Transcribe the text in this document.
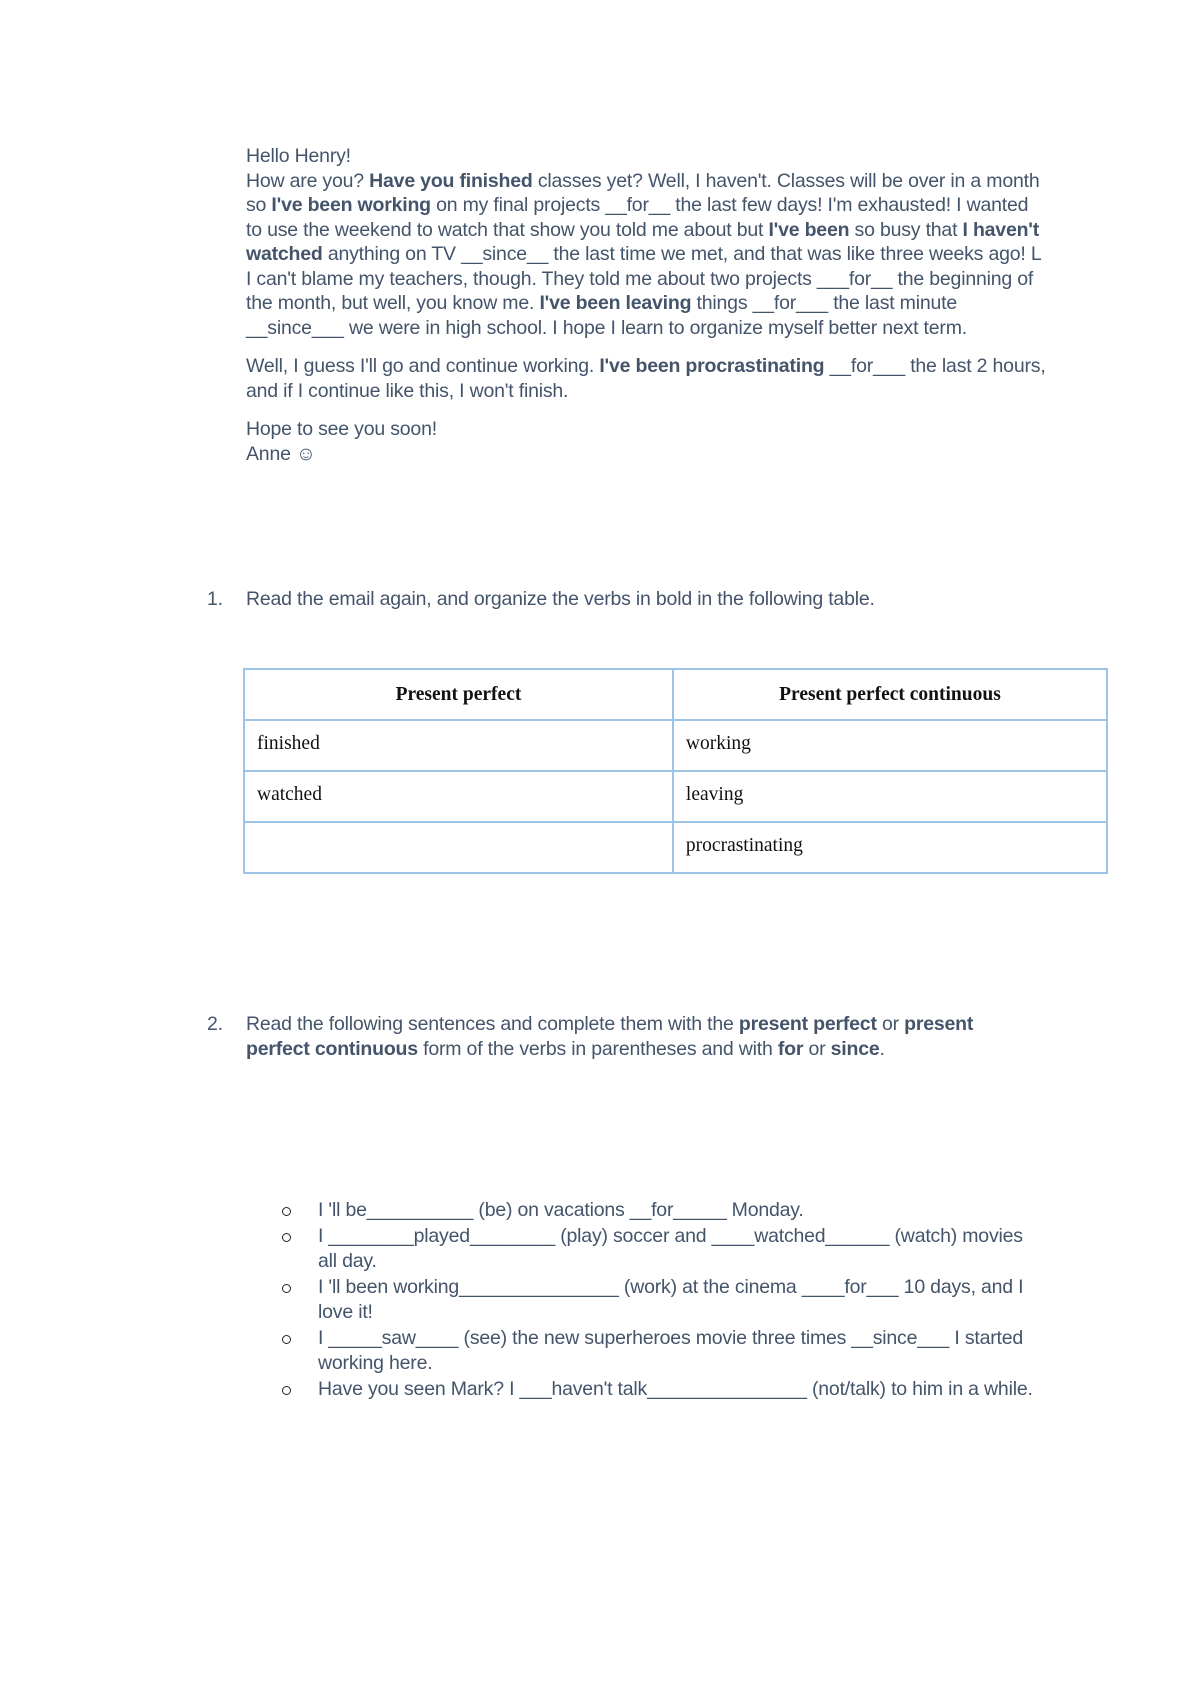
Hello Henry!

How are you? Have you finished classes yet? Well, I haven't. Classes will be over in a month so I've been working on my final projects __for__ the last few days! I'm exhausted! I wanted to use the weekend to watch that show you told me about but I've been so busy that I haven't watched anything on TV __since__ the last time we met, and that was like three weeks ago! L I can't blame my teachers, though. They told me about two projects ___for__ the beginning of the month, but well, you know me. I've been leaving things __for___ the last minute __since___ we were in high school. I hope I learn to organize myself better next term.

Well, I guess I'll go and continue working. I've been procrastinating __for___ the last 2 hours, and if I continue like this, I won't finish.

Hope to see you soon!

Anne ☺

1. Read the email again, and organize the verbs in bold in the following table.
Present perfect	Present perfect continuous
finished	working
watched	leaving
	procrastinating
2. Read the following sentences and complete them with the present perfect or present perfect continuous form of the verbs in parentheses and with for or since.
I 'll be__________ (be) on vacations __for_____ Monday.
I ________played________ (play) soccer and ____watched______ (watch) movies all day.
I 'll been working_______________ (work) at the cinema ____for___ 10 days, and I love it!
I _____saw____ (see) the new superheroes movie three times __since___ I started working here.
Have you seen Mark? I ___haven't talk_______________ (not/talk) to him in a while.
